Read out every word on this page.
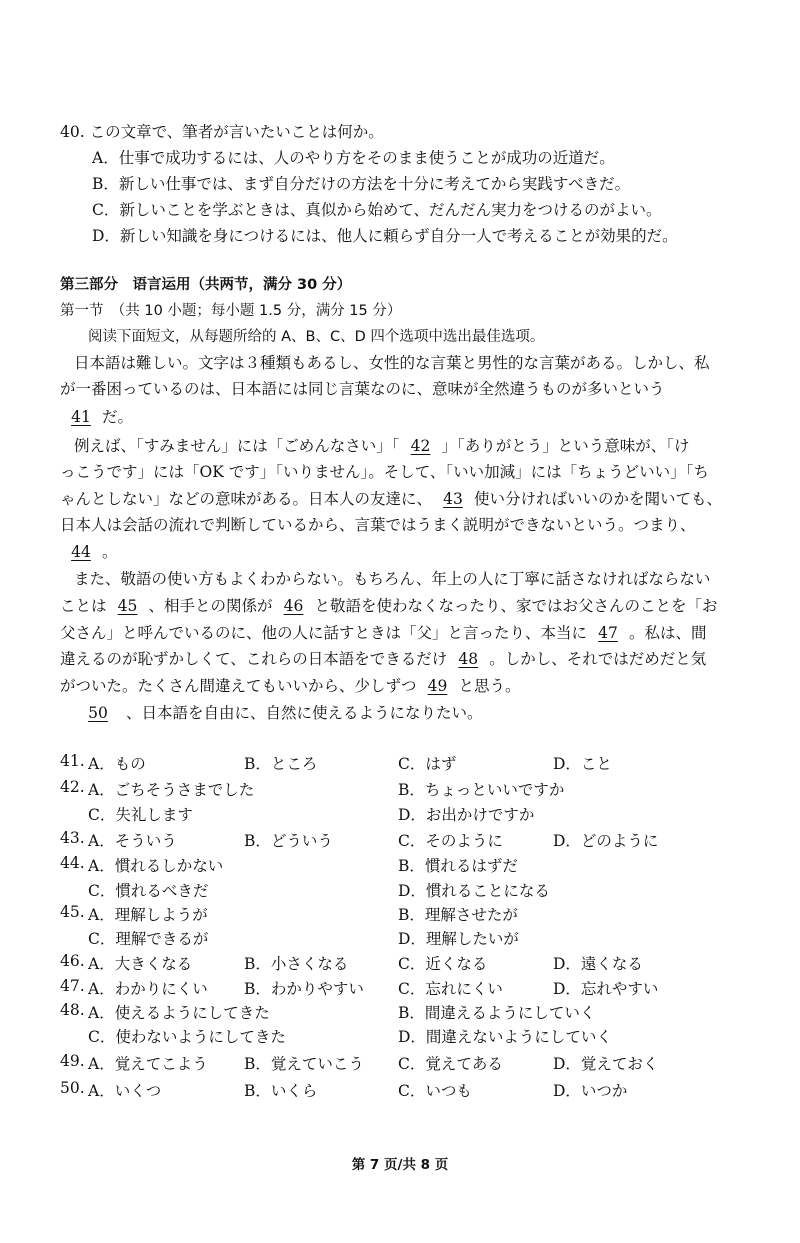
40. この文章で、筆者が言いたいことは何か。
A．仕事で成功するには、人のやり方をそのまま使うことが成功の近道だ。
B．新しい仕事では、まず自分だけの方法を十分に考えてから実践すべきだ。
C．新しいことを学ぶときは、真似から始めて、だんだん実力をつけるのがよい。
D．新しい知識を身につけるには、他人に頼らず自分一人で考えることが効果的だ。
第三部分　语言运用（共两节，满分 30 分）
第一节　（共 10 小题；每小题 1.5 分，满分 15 分）
阅读下面短文，从每题所给的 A、B、C、D 四个选项中选出最佳选项。
日本語は難しい。文字は３種類もあるし、女性的な言葉と男性的な言葉がある。しかし、私
が一番困っているのは、日本語には同じ言葉なのに、意味が全然違うものが多いという
41 だ。
例えば、「すみません」には「ごめんなさい」「 42 」「ありがとう」という意味が、「け
っこうです」には「OK です」「いりません」。そして、「いい加減」には「ちょうどいい」「ち
ゃんとしない」などの意味がある。日本人の友達に、 43 使い分ければいいのかを聞いても、
日本人は会話の流れで判断しているから、言葉ではうまく説明ができないという。つまり、
44 。
また、敬語の使い方もよくわからない。もちろん、年上の人に丁寧に話さなければならない
ことは 45 、相手との関係が 46 と敬語を使わなくなったり、家ではお父さんのことを「お
父さん」と呼んでいるのに、他の人に話すときは「父」と言ったり、本当に 47 。私は、間
違えるのが恥ずかしくて、これらの日本語をできるだけ 48 。しかし、それではだめだと気
がついた。たくさん間違えてもいいから、少しずつ 49 と思う。
50 、日本語を自由に、自然に使えるようになりたい。
41. A．もの	B．ところ	C．はず	D．こと
42. A．ごちそうさまでした	B．ちょっといいですか
C．失礼します	D．お出かけですか
43. A．そういう	B．どういう	C．そのように	D．どのように
44. A．慣れるしかない	B．慣れるはずだ
C．慣れるべきだ	D．慣れることになる
45. A．理解しようが	B．理解させたが
C．理解できるが	D．理解したいが
46. A．大きくなる	B．小さくなる	C．近くなる	D．遠くなる
47. A．わかりにくい B．わかりやすい C．忘れにくい	D．忘れやすい
48. A．使えるようにしてきた	B．間違えるようにしていく
C．使わないようにしてきた	D．間違えないようにしていく
49. A．覚えてこよう B．覚えていこう C．覚えてある	D．覚えておく
50. A．いくつ	B．いくら	C．いつも	D．いつか
第 7 页/共 8 页
